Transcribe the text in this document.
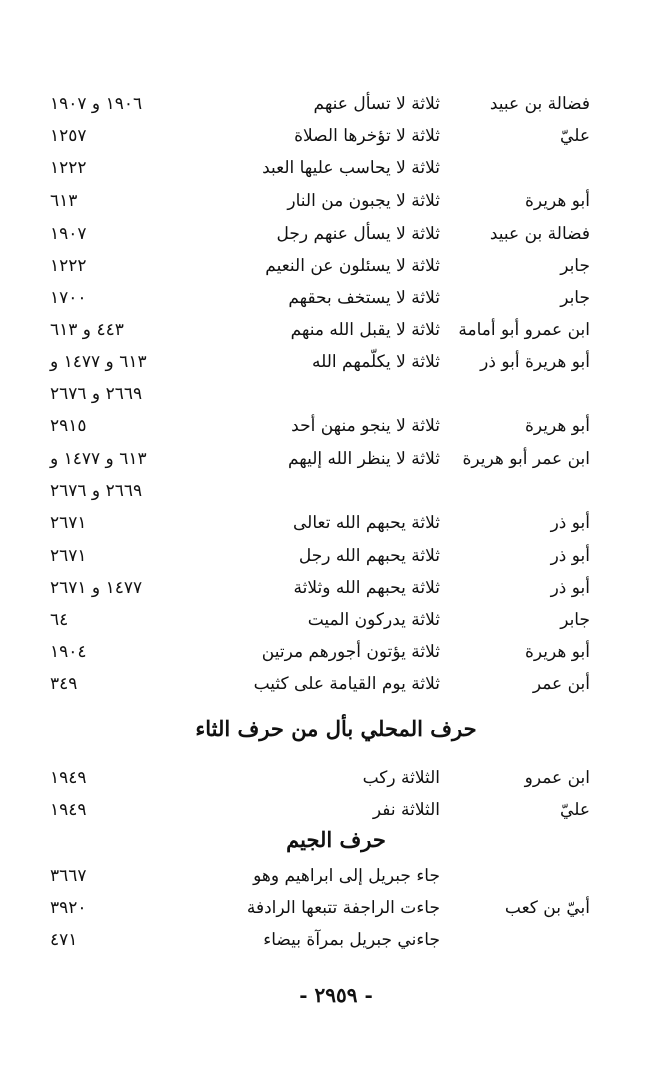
فضالة بن عبيد
ثلاثة لا تسأل عنهم
١٩٠٦ و ١٩٠٧
عليّ
ثلاثة لا تؤخرها الصلاة
١٢٥٧
ثلاثة لا يحاسب عليها العبد
١٢٢٢
أبو هريرة
ثلاثة لا يجبون من النار
٦١٣
فضالة بن عبيد
ثلاثة لا يسأل عنهم رجل
١٩٠٧
جابر
ثلاثة لا يسئلون عن النعيم
١٢٢٢
جابر
ثلاثة لا يستخف بحقهم
١٧٠٠
ابن عمرو أبو أمامة
ثلاثة لا يقبل الله منهم
٤٤٣ و ٦١٣
أبو هريرة أبو ذر
ثلاثة لا يكلّمهم الله
٦١٣ و ١٤٧٧ و
٢٦٦٩ و ٢٦٧٦
أبو هريرة
ثلاثة لا ينجو منهن أحد
٢٩١٥
ابن عمر أبو هريرة
ثلاثة لا ينظر الله إليهم
٦١٣ و ١٤٧٧ و
٢٦٦٩ و ٢٦٧٦
أبو ذر
ثلاثة يحبهم الله تعالى
٢٦٧١
أبو ذر
ثلاثة يحبهم الله رجل
٢٦٧١
أبو ذر
ثلاثة يحبهم الله وثلاثة
١٤٧٧ و ٢٦٧١
جابر
ثلاثة يدركون الميت
٦٤
أبو هريرة
ثلاثة يؤتون أجورهم مرتين
١٩٠٤
أبن عمر
ثلاثة يوم القيامة على كثيب
٣٤٩
حرف المحلي بأل من حرف الثاء
ابن عمرو
الثلاثة ركب
١٩٤٩
عليّ
الثلاثة نفر
١٩٤٩
حرف الجيم
جاء جبريل إلى ابراهيم وهو
٣٦٦٧
أبيّ بن كعب
جاءت الراجفة تتبعها الرادفة
٣٩٢٠
جاءني جبريل بمرآة بيضاء
٤٧١
- ٢٩٥٩ -
